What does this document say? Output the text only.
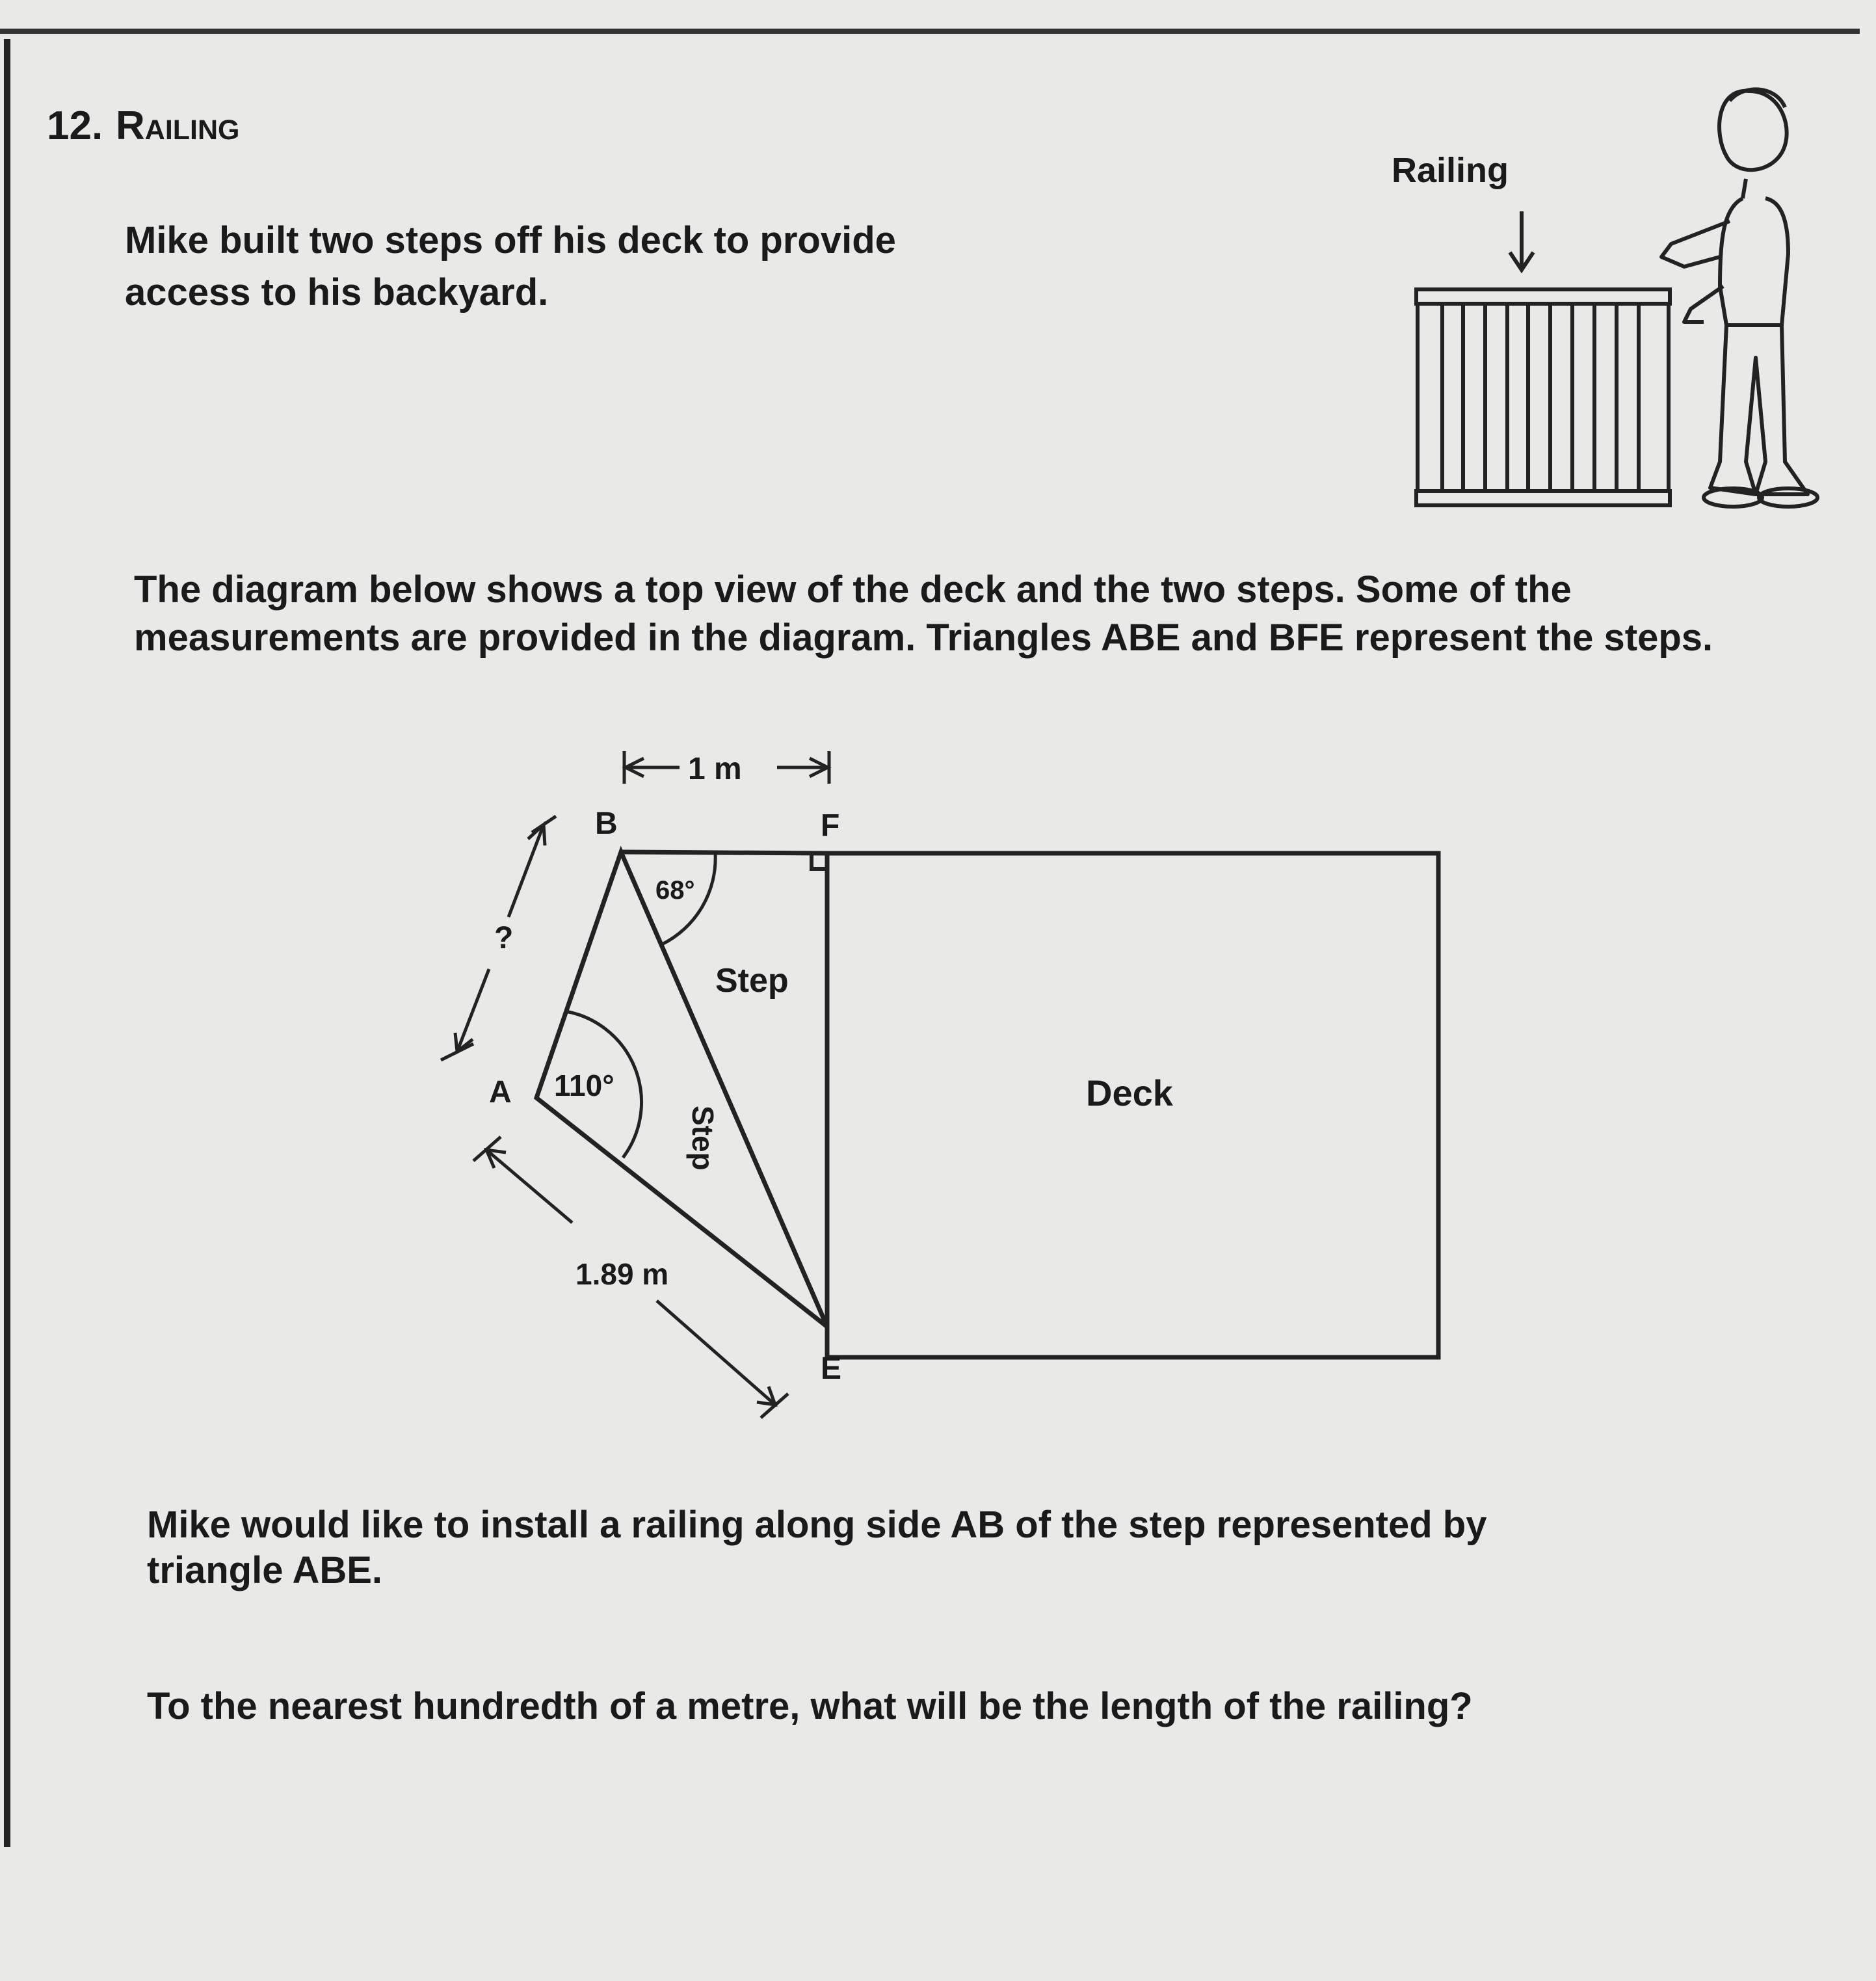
12. Railing
Mike built two steps off his deck to provide access to his backyard.
Railing
The diagram below shows a top view of the deck and the two steps. Some of the measurements are provided in the diagram. Triangles ABE and BFE represent the steps.
Deck
68°
110°
A
B	F
E
Step
Step
1 m
?
1.89 m
Mike would like to install a railing along side AB of the step represented by triangle ABE.
To the nearest hundredth of a metre, what will be the length of the railing?
